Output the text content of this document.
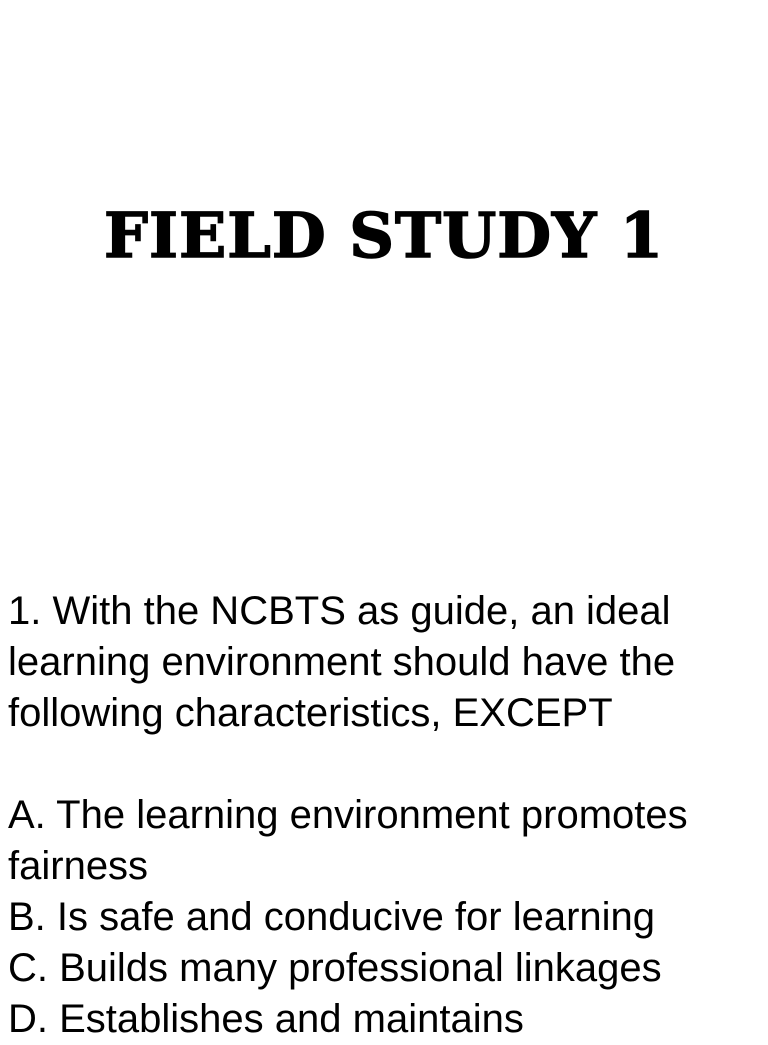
FIELD STUDY 1

1. With the NCBTS as guide, an ideal learning environment should have the following characteristics, EXCEPT

A. The learning environment promotes fairness

B. Is safe and conducive for learning

C. Builds many professional linkages

D. Establishes and maintains
